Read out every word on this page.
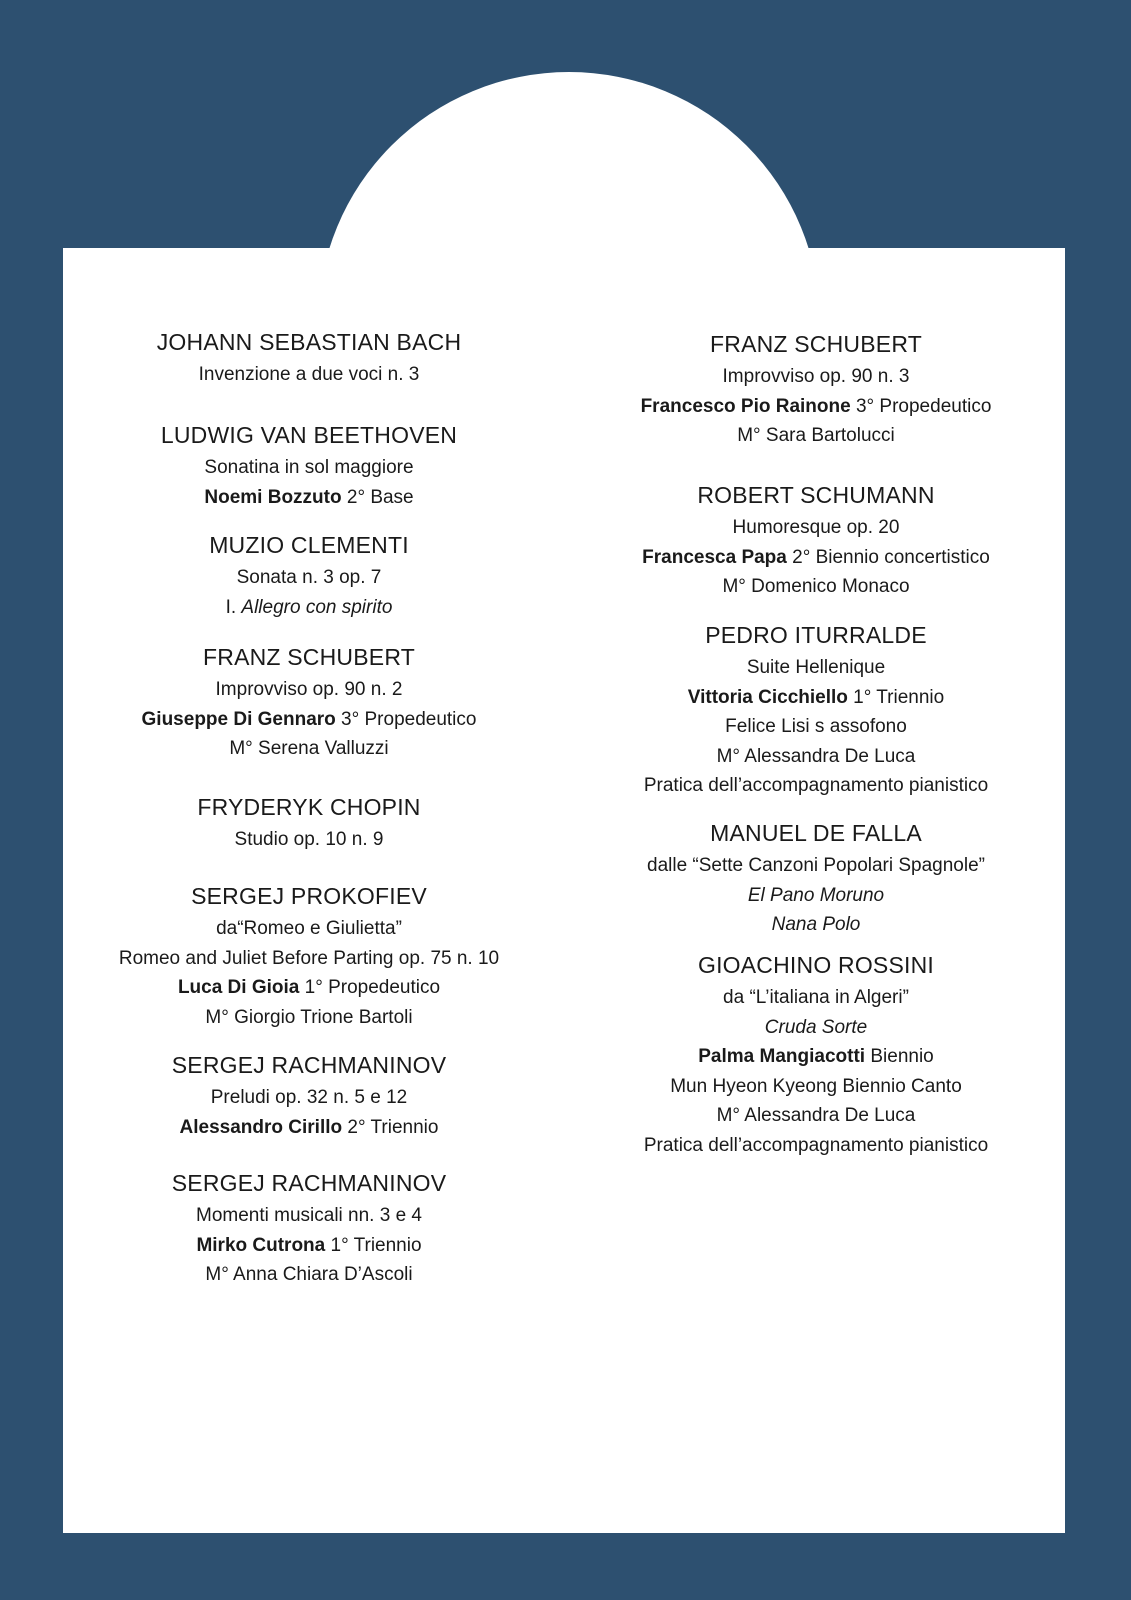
JOHANN SEBASTIAN BACH
Invenzione a due voci n. 3
LUDWIG VAN BEETHOVEN
Sonatina in sol maggiore
Noemi Bozzuto 2° Base
MUZIO CLEMENTI
Sonata n. 3 op. 7
I. Allegro con spirito
FRANZ SCHUBERT
Improvviso op. 90 n. 2
Giuseppe Di Gennaro 3° Propedeutico
M° Serena Valluzzi
FRYDERYK CHOPIN
Studio op. 10 n. 9
SERGEJ PROKOFIEV
da“Romeo e Giulietta”
Romeo and Juliet Before Parting op. 75 n. 10
Luca Di Gioia 1° Propedeutico
M° Giorgio Trione Bartoli
SERGEJ RACHMANINOV
Preludi op. 32 n. 5 e 12
Alessandro Cirillo 2° Triennio
SERGEJ RACHMANINOV
Momenti musicali nn. 3 e 4
Mirko Cutrona 1° Triennio
M° Anna Chiara D’Ascoli
FRANZ SCHUBERT
Improvviso op. 90 n. 3
Francesco Pio Rainone 3° Propedeutico
M° Sara Bartolucci
ROBERT SCHUMANN
Humoresque op. 20
Francesca Papa 2° Biennio concertistico
M° Domenico Monaco
PEDRO ITURRALDE
Suite Hellenique
Vittoria Cicchiello 1° Triennio
Felice Lisi s assofono
M° Alessandra De Luca
Pratica dell’accompagnamento pianistico
MANUEL DE FALLA
dalle “Sette Canzoni Popolari Spagnole”
El Pano Moruno
Nana Polo
GIOACHINO ROSSINI
da “L’italiana in Algeri”
Cruda Sorte
Palma Mangiacotti Biennio
Mun Hyeon Kyeong Biennio Canto
M° Alessandra De Luca
Pratica dell’accompagnamento pianistico
